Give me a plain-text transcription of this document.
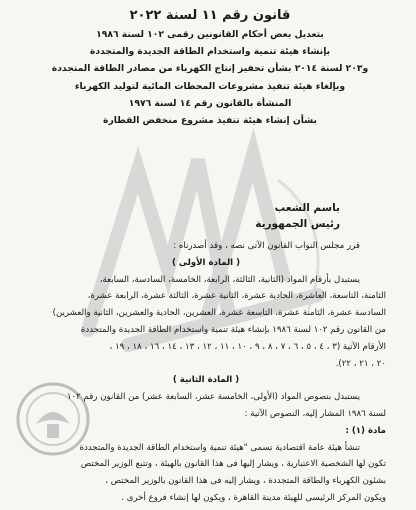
قانون رقم ١١ لسنة ٢٠٢٢

بتعديل بعض أحكام القانونين رقمى ١٠٢ لسنة ١٩٨٦

بإنشاء هيئة تنمية واستخدام الطاقة الجديدة والمتجددة

و٢٠٣ لسنة ٢٠١٤ بشأن تحفيز إنتاج الكهرباء من مصادر الطاقة المتجددة

وبإلغاء هيئة تنفيذ مشروعات المحطات المائية لتوليد الكهرباء

المنشأة بالقانون رقم ١٤ لسنة ١٩٧٦

بشأن إنشاء هيئة تنفيذ مشروع منخفض القطارة

باسم الشعب

رئيس الجمهورية

قرر مجلس النواب القانون الآتى نصه ، وقد أصدرناه :

( المادة الأولى )

يستبدل بأرقام المواد (الثانية، الثالثة، الرابعة، الخامسة، السادسة، السابعة،

الثامنة، التاسعة، العاشرة، الحادية عشرة، الثانية عشرة، الثالثة عشرة، الرابعة عشرة،

السادسة عشرة، الثامنة عشرة، التاسعة عشرة، العشرين، الحادية والعشرين، الثانية والعشرين)

من القانون رقم ١٠٢ لسنة ١٩٨٦ بإنشاء هيئة تنمية واستخدام الطاقة الجديدة والمتجددة

الأرقام الآتية (٣ ، ٤ ، ٥ ، ٦ ، ٧ ، ٨ ، ٩ ، ١٠ ، ١١ ، ١٢ ، ١٣ ، ١٤ ، ١٦ ، ١٨ ، ١٩ ،

٢٠ ، ٢١ ، ٢٢).

( المادة الثانية )

يستبدل بنصوص المواد (الأولى، الخامسة عشر، السابعة عشر) من القانون رقم ١٠٢

لسنة ١٩٨٦ المشار إليه، النصوص الآتية :

مادة (١) :

تنشأ هيئة عامة اقتصادية تسمى "هيئة تنمية واستخدام الطاقة الجديدة والمتجددة

تكون لها الشخصية الاعتبارية ، ويشار إليها فى هذا القانون بالهيئة ، وتتبع الوزير المختص

بشئون الكهرباء والطاقة المتجددة ، ويشار إليه فى هذا القانون بالوزير المختص ،

ويكون المركز الرئيسى للهيئة مدينة القاهرة ، ويكون لها إنشاء فروع أخرى .
